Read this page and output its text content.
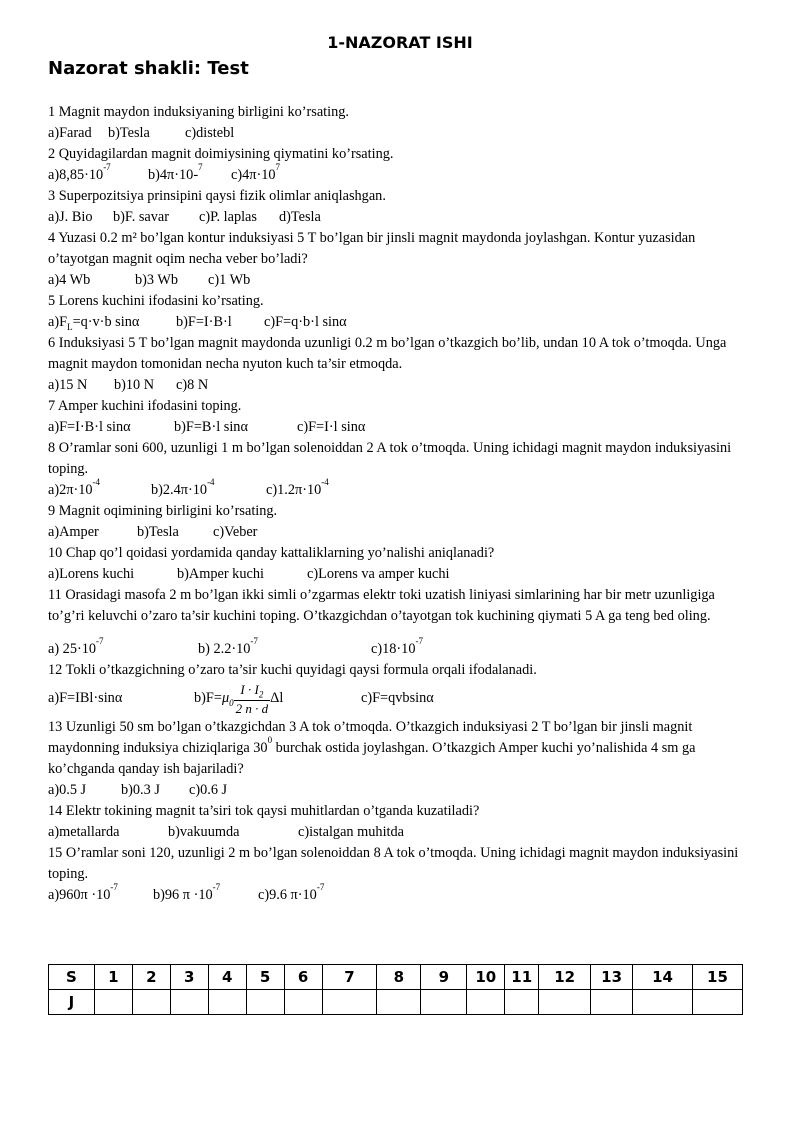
1-NAZORAT ISHI
Nazorat shakli: Test
1 Magnit maydon induksiyaning birligini ko’rsating.
a)Farad b)Tesla c)distebl
2 Quyidagilardan magnit doimiysining qiymatini ko’rsating.
$a)8,85\cdot 10^{-7}$	b)4π·10-$^7$ $c)4\pi\cdot 10^7$
3 Superpozitsiya prinsipini qaysi fizik olimlar aniqlashgan.
a)J. Bio b)F. savar c)P. laplas d)Tesla
4 Yuzasi 0.2 m² bo’lgan kontur induksiyasi 5 T bo’lgan bir jinsli magnit maydonda joylashgan. Kontur yuzasidan o’tayotgan magnit oqim necha veber bo’ladi?
a)4 Wb	b)3 Wb c)1 Wb
5 Lorens kuchini ifodasini ko’rsating.
$a)F_L=q\cdot v\cdot b$ sinα	b)F=I·B·l c)F=q·b·l sinα
6 Induksiyasi 5 T bo’lgan magnit maydonda uzunligi 0.2 m bo’lgan o’tkazgich bo’lib, undan 10 A tok o’tmoqda. Unga magnit maydon tomonidan necha nyuton kuch ta’sir etmoqda.
a)15 N b)10 N c)8 N
7 Amper kuchini ifodasini toping.
a)F=I·B·l sinα	b)F=B·l sinα	c)F=I·l sinα
8 O’ramlar soni 600, uzunligi 1 m bo’lgan solenoiddan 2 A tok o’tmoqda. Uning ichidagi magnit maydon induksiyasini toping.
$a)2\pi\cdot 10^{-4}$	$b)2.4\pi\cdot 10^{-4}$	$c)1.2\pi\cdot 10^{-4}$
9 Magnit oqimining birligini ko’rsating.
a)Amper	b)Tesla c)Veber
10 Chap qo’l qoidasi yordamida qanday kattaliklarning yo’nalishi aniqlanadi?
a)Lorens kuchi	b)Amper kuchi	c)Lorens va amper kuchi
11 Orasidagi masofa 2 m bo’lgan ikki simli o’zgarmas elektr toki uzatish liniyasi simlarining har bir metr uzunligiga to’g’ri keluvchi o’zaro ta’sir kuchini toping. O’tkazgichdan o’tayotgan tok kuchining qiymati 5 A ga teng bed oling.
a) $25\cdot 10^{-7}$	b) $2.2\cdot 10^{-7}$	$c)18\cdot 10^{-7}$
12 Tokli o’tkazgichning o’zaro ta’sir kuchi quyidagi qaysi formula orqali ifodalanadi.
a)F=IBl·sinα	$b)F=\mu_0 \frac{I \cdot I_2}{2 n \cdot d}$ Δl	c)F=qvbsinα
13 Uzunligi 50 sm bo’lgan o’tkazgichdan 3 A tok o’tmoqda. O’tkazgich induksiyasi 2 T bo’lgan bir jinsli magnit maydonning induksiya chiziqlariga $30^0$ burchak ostida joylashgan. O’tkazgich Amper kuchi yo’nalishida 4 sm ga ko’chganda qanday ish bajariladi?
a)0.5 J b)0.3 J c)0.6 J
14 Elektr tokining magnit ta’siri tok qaysi muhitlardan o’tganda kuzatiladi?
a)metallarda	b)vakuumda	c)istalgan muhitda
15 O’ramlar soni 120, uzunligi 2 m bo’lgan solenoiddan 8 A tok o’tmoqda. Uning ichidagi magnit maydon induksiyasini toping.
$a)960\pi \cdot 10^{-7}$ b)96 $\pi \cdot 10^{-7}$	c)9.6 $\pi\cdot 10^{-7}$
S	1	2	3	4	5	6	7	8	9	10	11	12	13	14	15
J															
